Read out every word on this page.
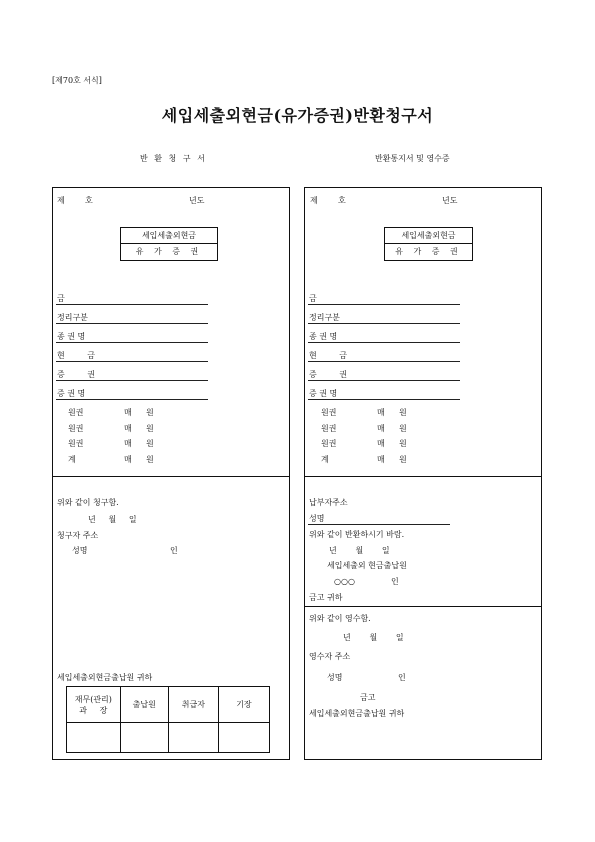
[제70호 서식]
세입세출외현금(유가증권)반환청구서
반 환 청 구 서	반환통지서 및 영수증
제	호	년도
세입세출외현금
유 가 증 권
금
정리구분
종 권 명
현 금
증 권
증 권 명
원권	매 원
원권	매 원
원권	매 원
계	매 원
위와 같이 청구함.
년     월     일
청구자 주소
성명	인
세입세출외현금출납원 귀하
재무(관리)
과     장	출납원	취급자	기장

제	호	년도
세입세출외현금
유 가 증 권
금
정리구분
종 권 명
현 금
증 권
증 권 명
원권	매 원
원권	매 원
원권	매 원
계	매 원
납부자주소
성명
위와 같이 반환하시기 바람.
년     월     일
세입세출외 현금출납원
○○○	인
금고 귀하
위와 같이 영수함.
년     월     일
영수자 주소
성명	인
금고
세입세출외현금출납원 귀하
